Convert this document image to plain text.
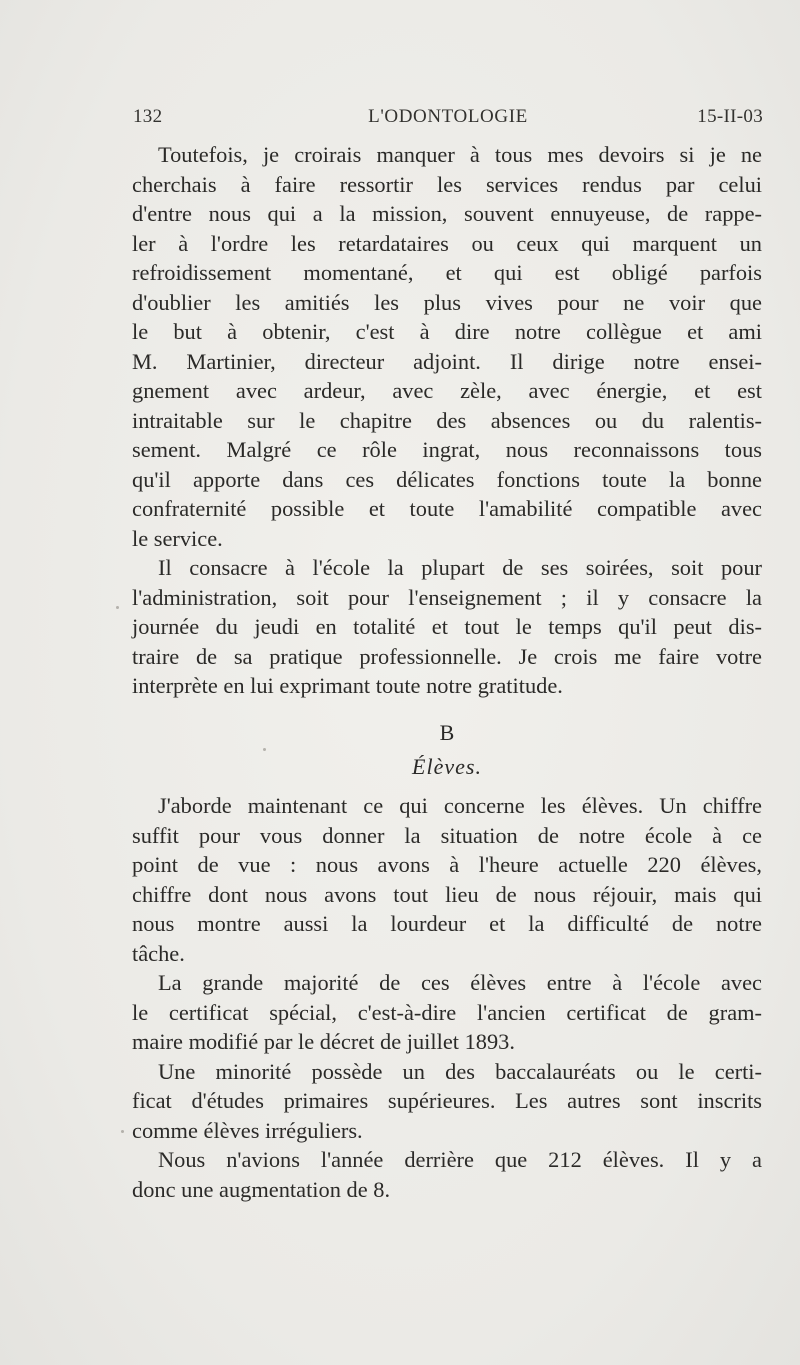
132	L'ODONTOLOGIE	15-II-03
Toutefois, je croirais manquer à tous mes devoirs si je ne
cherchais à faire ressortir les services rendus par celui
d'entre nous qui a la mission, souvent ennuyeuse, de rappe-
ler à l'ordre les retardataires ou ceux qui marquent un
refroidissement momentané, et qui est obligé parfois
d'oublier les amitiés les plus vives pour ne voir que
le but à obtenir, c'est à dire notre collègue et ami
M. Martinier, directeur adjoint. Il dirige notre ensei-
gnement avec ardeur, avec zèle, avec énergie, et est
intraitable sur le chapitre des absences ou du ralentis-
sement. Malgré ce rôle ingrat, nous reconnaissons tous
qu'il apporte dans ces délicates fonctions toute la bonne
confraternité possible et toute l'amabilité compatible avec
le service.
Il consacre à l'école la plupart de ses soirées, soit pour
l'administration, soit pour l'enseignement ; il y consacre la
journée du jeudi en totalité et tout le temps qu'il peut dis-
traire de sa pratique professionnelle. Je crois me faire votre
interprète en lui exprimant toute notre gratitude.
B
Élèves.
J'aborde maintenant ce qui concerne les élèves. Un chiffre
suffit pour vous donner la situation de notre école à ce
point de vue : nous avons à l'heure actuelle 220 élèves,
chiffre dont nous avons tout lieu de nous réjouir, mais qui
nous montre aussi la lourdeur et la difficulté de notre
tâche.
La grande majorité de ces élèves entre à l'école avec
le certificat spécial, c'est-à-dire l'ancien certificat de gram-
maire modifié par le décret de juillet 1893.
Une minorité possède un des baccalauréats ou le certi-
ficat d'études primaires supérieures. Les autres sont inscrits
comme élèves irréguliers.
Nous n'avions l'année derrière que 212 élèves. Il y a
donc une augmentation de 8.
